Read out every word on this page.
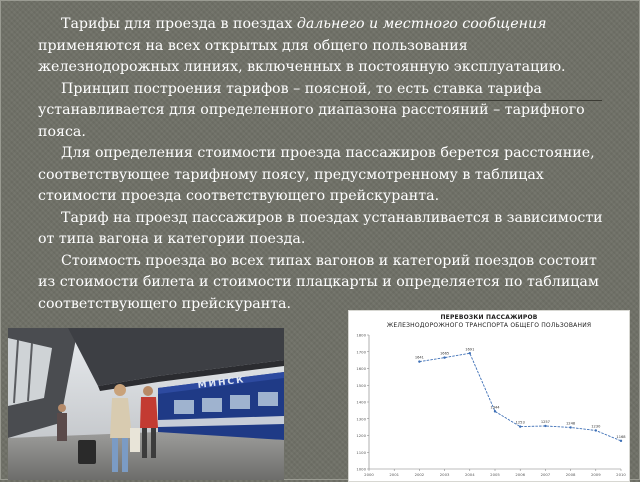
Тарифы для проезда в поездах дальнего и местного сообщения применяются на всех открытых для общего пользования железнодорожных линиях, включенных в постоянную эксплуатацию.

Принцип построения тарифов – поясной, то есть ставка тарифа устанавливается для определенного диапазона расстояний – тарифного пояса.

Для определения стоимости проезда пассажиров берется расстояние, соответствующее тарифному поясу, предусмотренному в таблицах стоимости проезда соответствующего прейскуранта.

Тариф на проезд пассажиров в поездах устанавливается в зависимости от типа вагона и категории поезда.

Стоимость проезда во всех типах вагонов и категорий поездов состоит из стоимости билета и стоимости плацкарты и определяется по таблицам соответствующего прейскуранта.

МИНСК
ПЕРЕВОЗКИ ПАССАЖИРОВ
ЖЕЛЕЗНОДОРОЖНОГО ТРАНСПОРТА ОБЩЕГО ПОЛЬЗОВАНИЯ
1000
1100
1200
1300
1400
1500
1600
1700
1800
2000	2001	2002	2003	2004	2005	2006	2007	2008	2009	2010
1641
1665
1691
1344
1253	1257	1248
1230
1168
